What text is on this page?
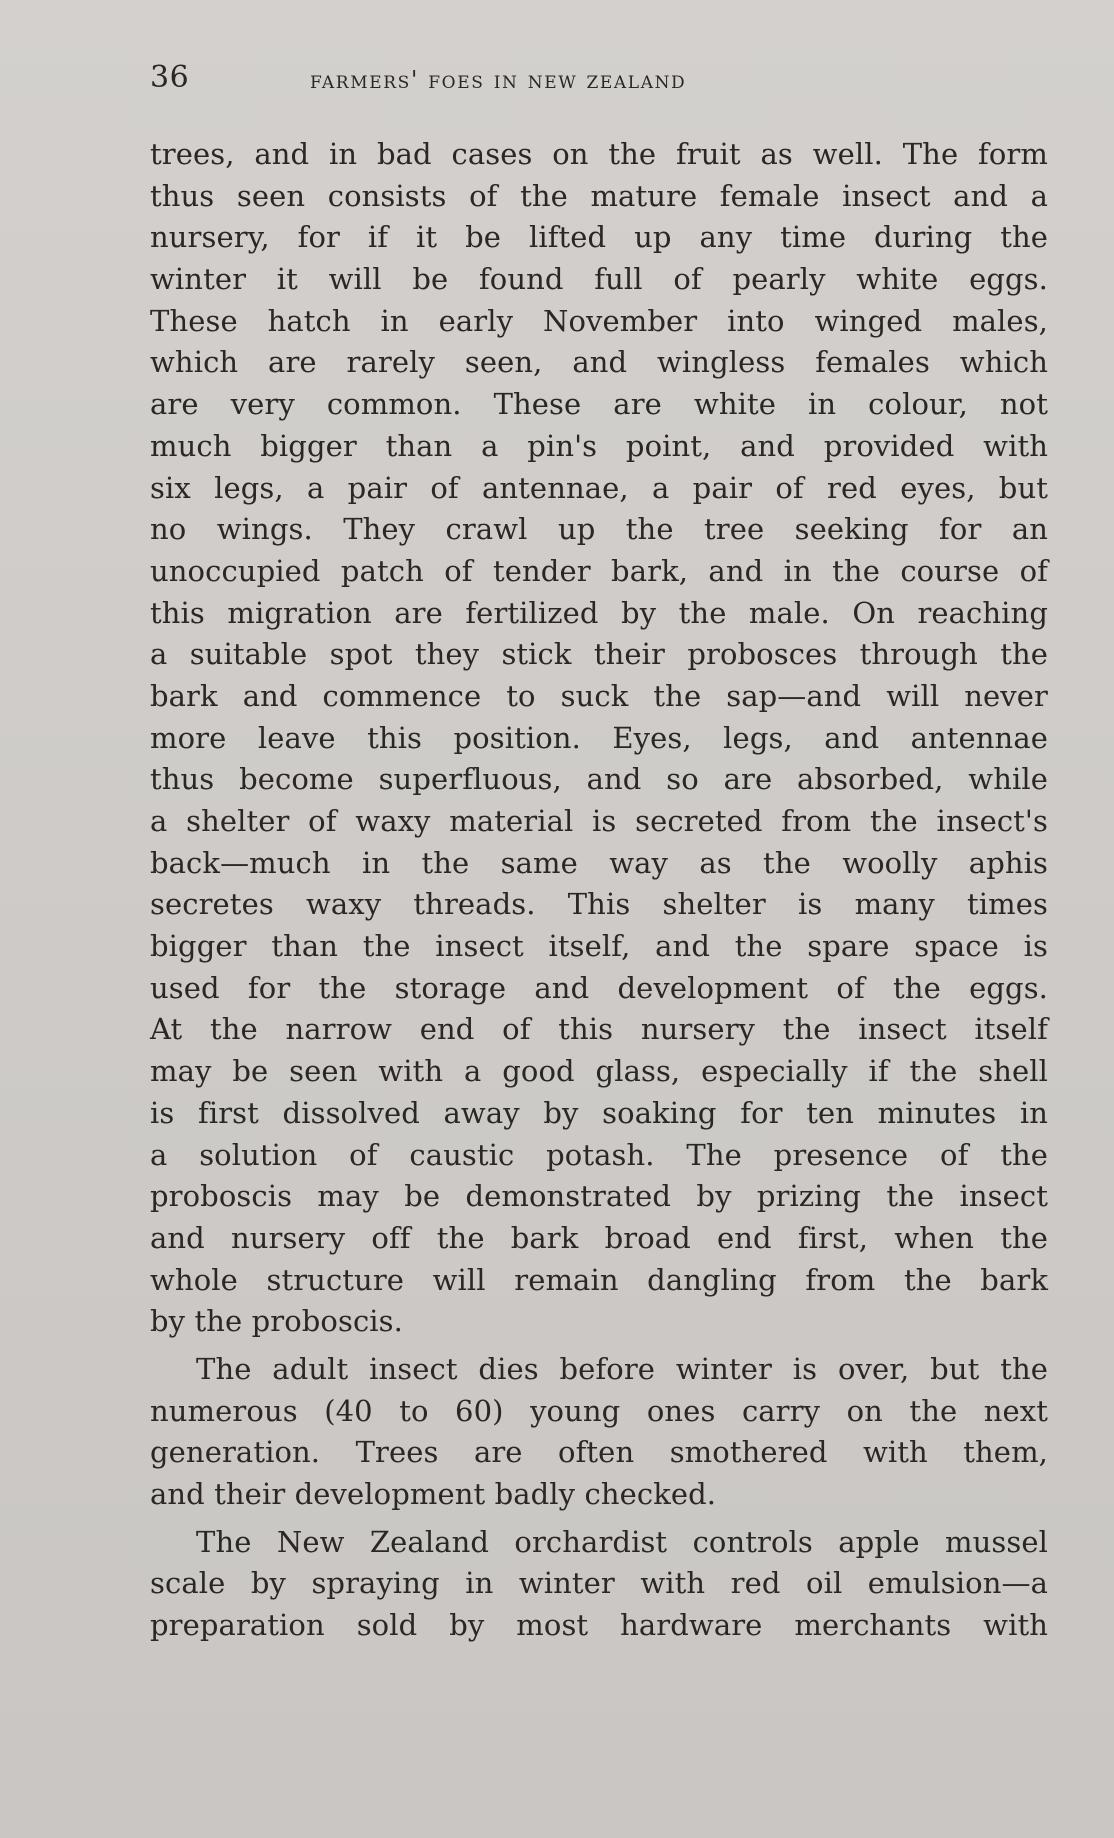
36	farmers' foes in new zealand
trees, and in bad cases on the fruit as well. The form
thus seen consists of the mature female insect and a
nursery, for if it be lifted up any time during the
winter it will be found full of pearly white eggs.
These hatch in early November into winged males,
which are rarely seen, and wingless females which
are very common. These are white in colour, not
much bigger than a pin's point, and provided with
six legs, a pair of antennae, a pair of red eyes, but
no wings. They crawl up the tree seeking for an
unoccupied patch of tender bark, and in the course of
this migration are fertilized by the male. On reaching
a suitable spot they stick their probosces through the
bark and commence to suck the sap—and will never
more leave this position. Eyes, legs, and antennae
thus become superfluous, and so are absorbed, while
a shelter of waxy material is secreted from the insect's
back—much in the same way as the woolly aphis
secretes waxy threads. This shelter is many times
bigger than the insect itself, and the spare space is
used for the storage and development of the eggs.
At the narrow end of this nursery the insect itself
may be seen with a good glass, especially if the shell
is first dissolved away by soaking for ten minutes in
a solution of caustic potash. The presence of the
proboscis may be demonstrated by prizing the insect
and nursery off the bark broad end first, when the
whole structure will remain dangling from the bark
by the proboscis.
The adult insect dies before winter is over, but the
numerous (40 to 60) young ones carry on the next
generation. Trees are often smothered with them,
and their development badly checked.
The New Zealand orchardist controls apple mussel
scale by spraying in winter with red oil emulsion—a
preparation sold by most hardware merchants with
